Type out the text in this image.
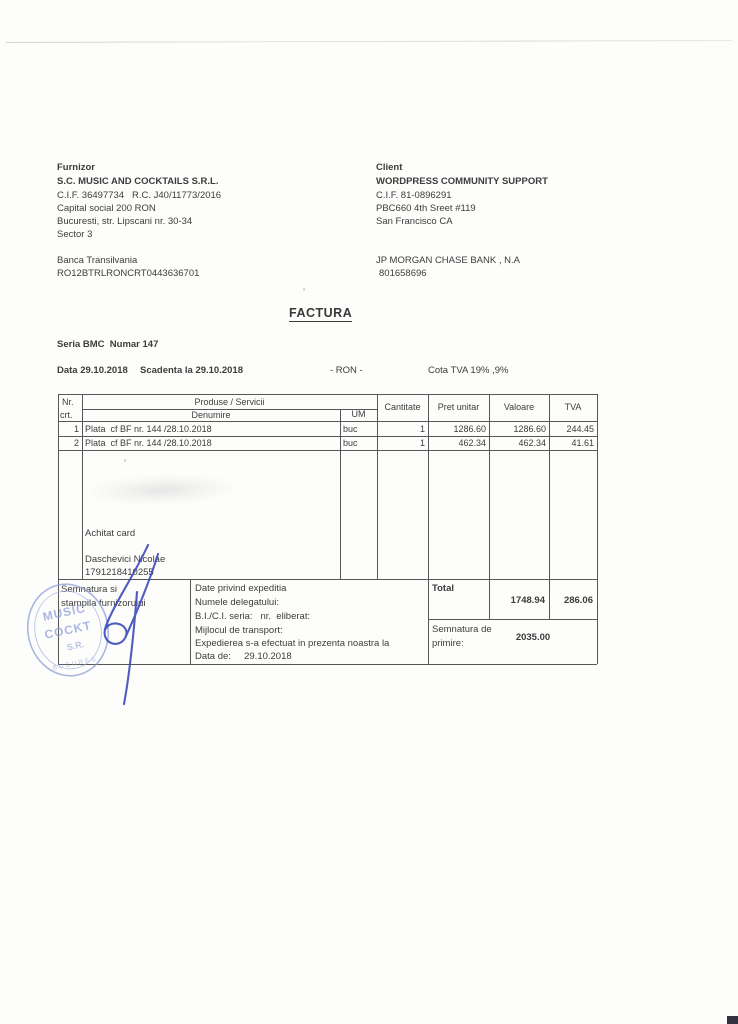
’
’
Furnizor
S.C. MUSIC AND COCKTAILS S.R.L.
C.I.F. 36497734   R.C. J40/11773/2016
Capital social 200 RON
Bucuresti, str. Lipscani nr. 30-34
Sector 3
Banca Transilvania
RO12BTRLRONCRT0443636701
Client
WORDPRESS COMMUNITY SUPPORT
C.I.F. 81-0896291
PBC660 4th Sreet #119
San Francisco CA
JP MORGAN CHASE BANK , N.A
801658696
FACTURA
Seria BMC  Numar 147
Data 29.10.2018 Scadenta la 29.10.2018	- RON -	Cota TVA 19% ,9%
Nr.
crt.
Produse / Servicii
Denumire	UM
Cantitate	Pret unitar	Valoare	TVA
1 Plata  cf BF nr. 144 /28.10.2018	buc	1	1286.60	1286.60	244.45
2 Plata  cf BF nr. 144 /28.10.2018	buc	1	462.34	462.34	41.61
Achitat card
Daschevici Nicolae
1791218410255
Semnatura si
stampila furnizorului
Date privind expeditia
Numele delegatului:
B.I./C.I. seria:   nr.  eliberat:
Mijlocul de transport:
Expedierea s-a efectuat in prezenta noastra la
Data de:     29.10.2018
Total
1748.94	286.06
Semnatura de
primire:
2035.00
MUSIC
COCKT
S.R.
BUCURES
